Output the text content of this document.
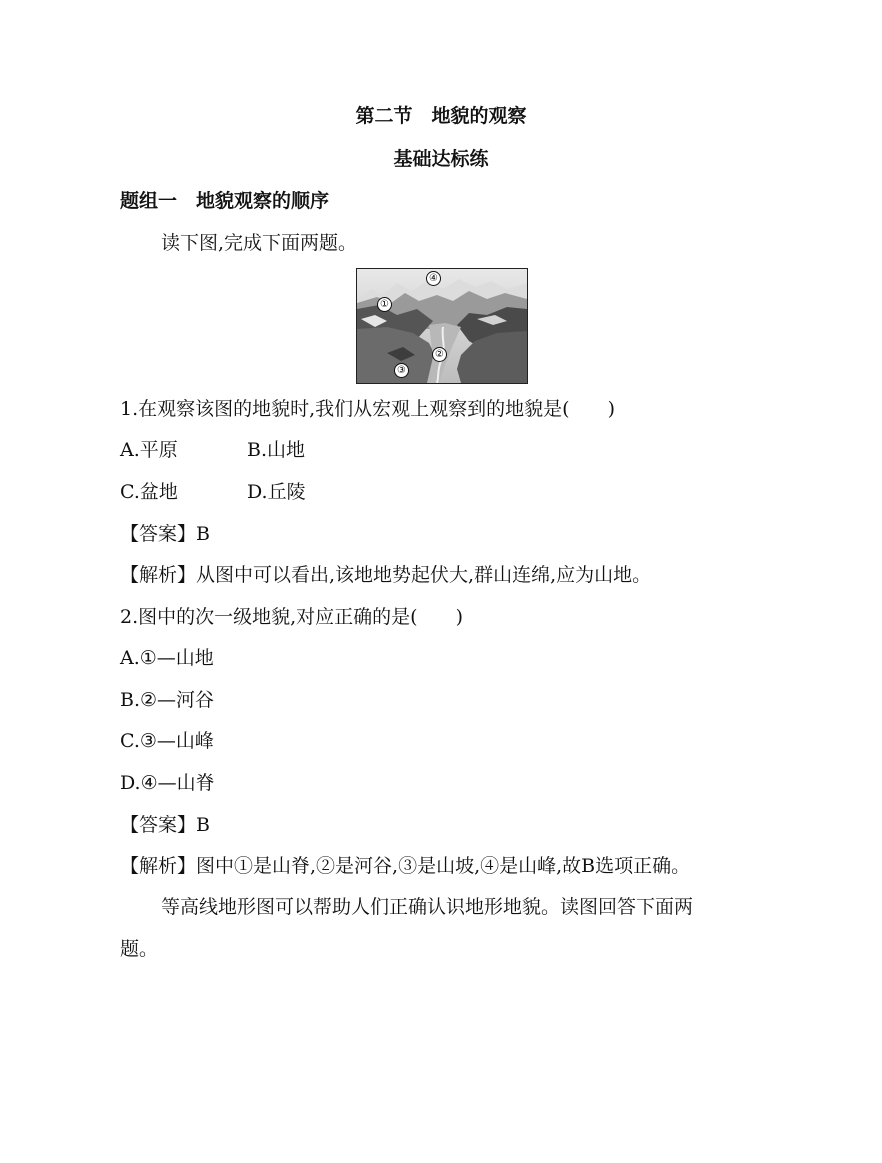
第二节　地貌的观察
基础达标练
题组一　地貌观察的顺序
读下图,完成下面两题。
④
①
②
③
1.在观察该图的地貌时,我们从宏观上观察到的地貌是(　　)
A.平原	B.山地
C.盆地	D.丘陵
【答案】B
【解析】从图中可以看出,该地地势起伏大,群山连绵,应为山地。
2.图中的次一级地貌,对应正确的是(　　)
A.①—山地
B.②—河谷
C.③—山峰
D.④—山脊
【答案】B
【解析】图中①是山脊,②是河谷,③是山坡,④是山峰,故B选项正确。
等高线地形图可以帮助人们正确认识地形地貌。读图回答下面两
题。
